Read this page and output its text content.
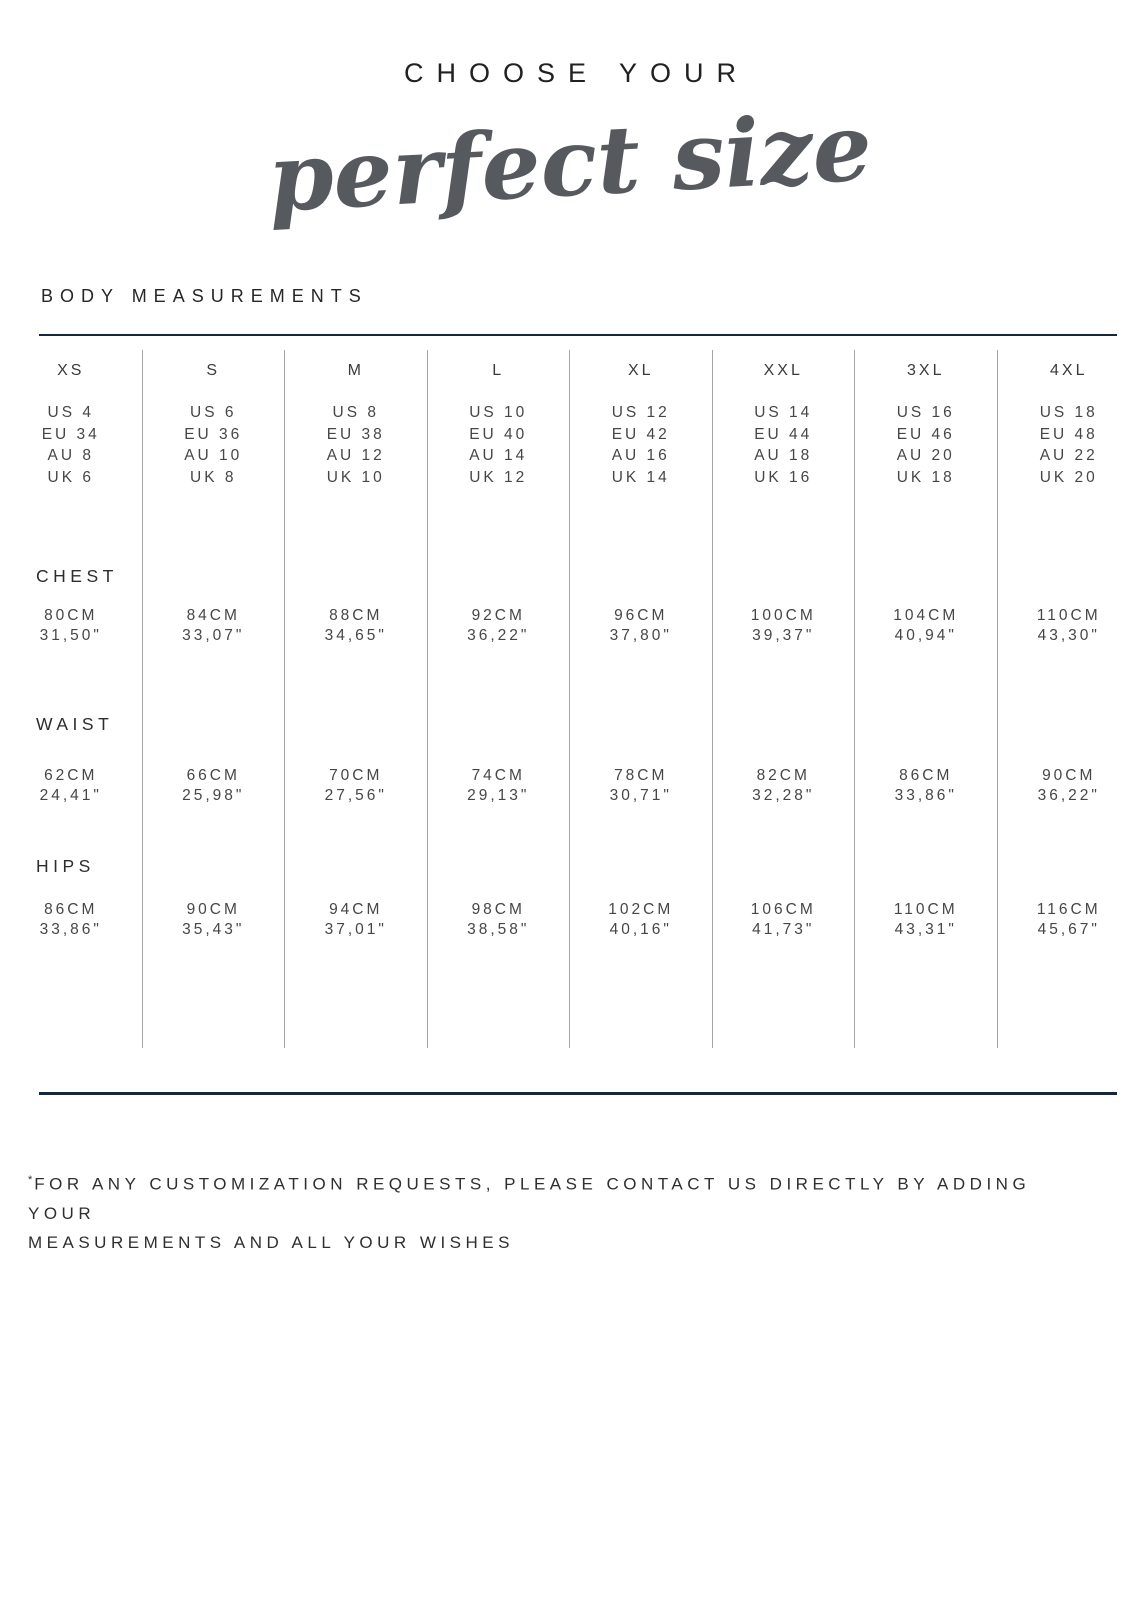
CHOOSE YOUR
perfect size
BODY MEASUREMENTS
CHEST
WAIST
HIPS
XS
US 4
EU 34
AU 8
UK 6
80CM
31,50"
62CM
24,41"
86CM
33,86"
S
US 6
EU 36
AU 10
UK 8
84CM
33,07"
66CM
25,98"
90CM
35,43"
M
US 8
EU 38
AU 12
UK 10
88CM
34,65"
70CM
27,56"
94CM
37,01"
L
US 10
EU 40
AU 14
UK 12
92CM
36,22"
74CM
29,13"
98CM
38,58"
XL
US 12
EU 42
AU 16
UK 14
96CM
37,80"
78CM
30,71"
102CM
40,16"
XXL
US 14
EU 44
AU 18
UK 16
100CM
39,37"
82CM
32,28"
106CM
41,73"
3XL
US 16
EU 46
AU 20
UK 18
104CM
40,94"
86CM
33,86"
110CM
43,31"
4XL
US 18
EU 48
AU 22
UK 20
110CM
43,30"
90CM
36,22"
116CM
45,67"
* FOR ANY CUSTOMIZATION REQUESTS, PLEASE CONTACT US DIRECTLY BY ADDING YOUR
MEASUREMENTS AND ALL YOUR WISHES
